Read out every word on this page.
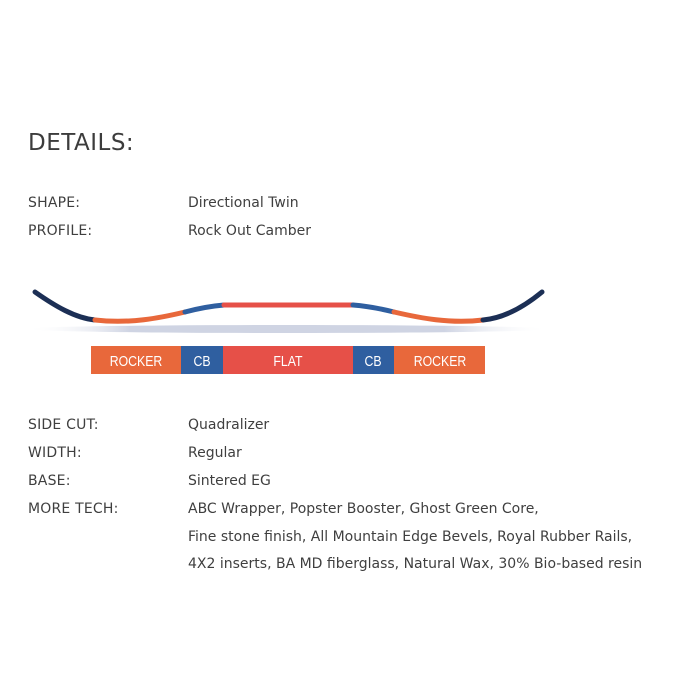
DETAILS:
SHAPE:	Directional Twin
PROFILE:	Rock Out Camber
ROCKER CB	FLAT	CB ROCKER
SIDE CUT:	Quadralizer
WIDTH:	Regular
BASE:	Sintered EG
MORE TECH:	ABC Wrapper, Popster Booster, Ghost Green Core,
Fine stone finish, All Mountain Edge Bevels, Royal Rubber Rails,
4X2 inserts, BA MD fiberglass, Natural Wax, 30% Bio-based resin
